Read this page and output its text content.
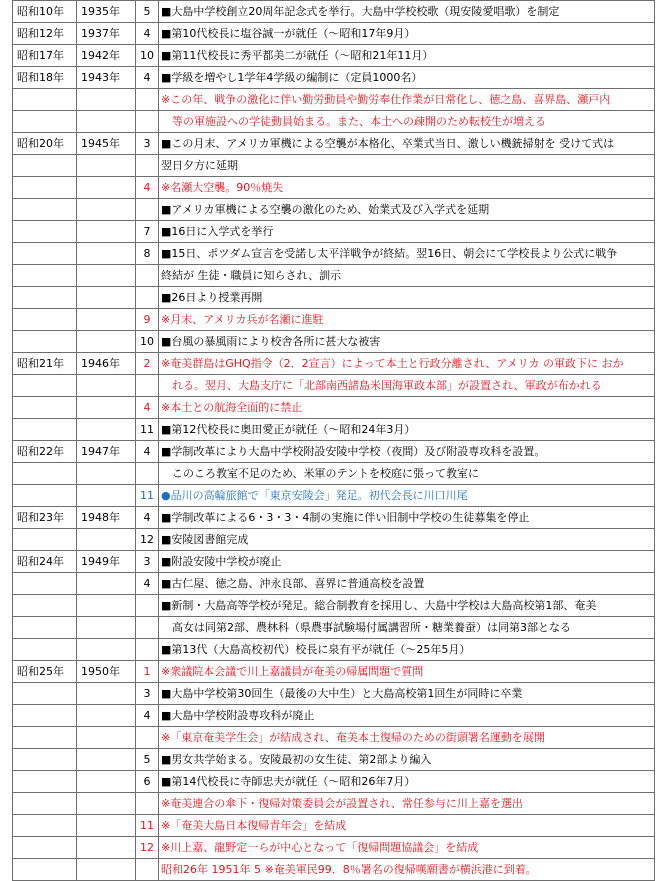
昭和10年	1935年	5	■大島中学校創立20周年記念式を挙行。大島中学校校歌（現安陵愛唱歌）を制定
昭和12年	1937年	4	■第10代校長に塩谷誠一が就任（～昭和17年9月）
昭和17年	1942年	10	■第11代校長に秀平都美二が就任（～昭和21年11月）
昭和18年	1943年	4	■学級を増やし1学年4学級の編制に（定員1000名）
			※この年、戦争の激化に伴い勤労動員や勤労奉仕作業が日常化し、徳之島、喜界島、瀬戸内
			　等の軍施設への学徒動員始まる。また、本土への疎開のため転校生が増える
昭和20年	1945年	3	■この月末、アメリカ軍機による空襲が本格化、卒業式当日、激しい機銃掃射を 受けて式は
			翌日夕方に延期
		4	※名瀬大空襲。90％焼失
			■アメリカ軍機による空襲の激化のため、始業式及び入学式を延期
		7	■16日に入学式を挙行
		8	■15日、ポツダム宣言を受諾し太平洋戦争が終結。翌16日、朝会にて学校長より公式に戦争
			終結が 生徒・職員に知らされ、訓示
			■26日より授業再開
		9	※月末、アメリカ兵が名瀬に進駐
		10	■台風の暴風雨により校舎各所に甚大な被害
昭和21年	1946年	2	※奄美群島はGHQ指令（2．2宣言）によって本土と行政分離され、アメリカ の軍政下に おか
			　れる。翌月、大島支庁に「北部南西諸島米国海軍政本部」が設置され、軍政が布かれる
		4	※本土との航海全面的に禁止
		11	■第12代校長に奥田愛正が就任（～昭和24年3月）
昭和22年	1947年	4	■学制改革により大島中学校附設安陵中学校（夜間）及び附設専攻科を設置。
			　このころ教室不足のため、米軍のテントを校庭に張って教室に
		11	●品川の高輪旅館で「東京安陵会」発足。初代会長に川口川尾
昭和23年	1948年	4	■学制改革による6・3・3・4制の実施に伴い旧制中学校の生徒募集を停止
		12	■安陵図書館完成
昭和24年	1949年	3	■附設安陵中学校が廃止
		4	■古仁屋、徳之島、沖永良部、喜界に普通高校を設置
			■新制・大島高等学校が発足。総合制教育を採用し、大島中学校は大島高校第1部、奄美
			　高女は同第2部、農林科（県農事試験場付属講習所・糖業養蚕）は同第3部となる
			■第13代（大島高校初代）校長に泉有平が就任（～25年5月）
昭和25年	1950年	1	※衆議院本会議で川上嘉議員が奄美の帰属問題で質問
		3	■大島中学校第30回生（最後の大中生）と大島高校第1回生が同時に卒業
		4	■大島中学校附設専攻科が廃止
			※「東京奄美学生会」が結成され、奄美本土復帰のための街頭署名運動を展開
		5	■男女共学始まる。安陵最初の女生徒、第2部より編入
		6	■第14代校長に寺師忠夫が就任（～昭和26年7月）
			※奄美連合の傘下・復帰対策委員会が設置され、常任参与に川上嘉を選出
		11	※「奄美大島日本復帰青年会」を結成
		12	※川上嘉、龍野定一らが中心となって「復帰問題協議会」を結成
			昭和26年 1951年 5 ※奄美軍民99．8％署名の復帰嘆願書が横浜港に到着。
